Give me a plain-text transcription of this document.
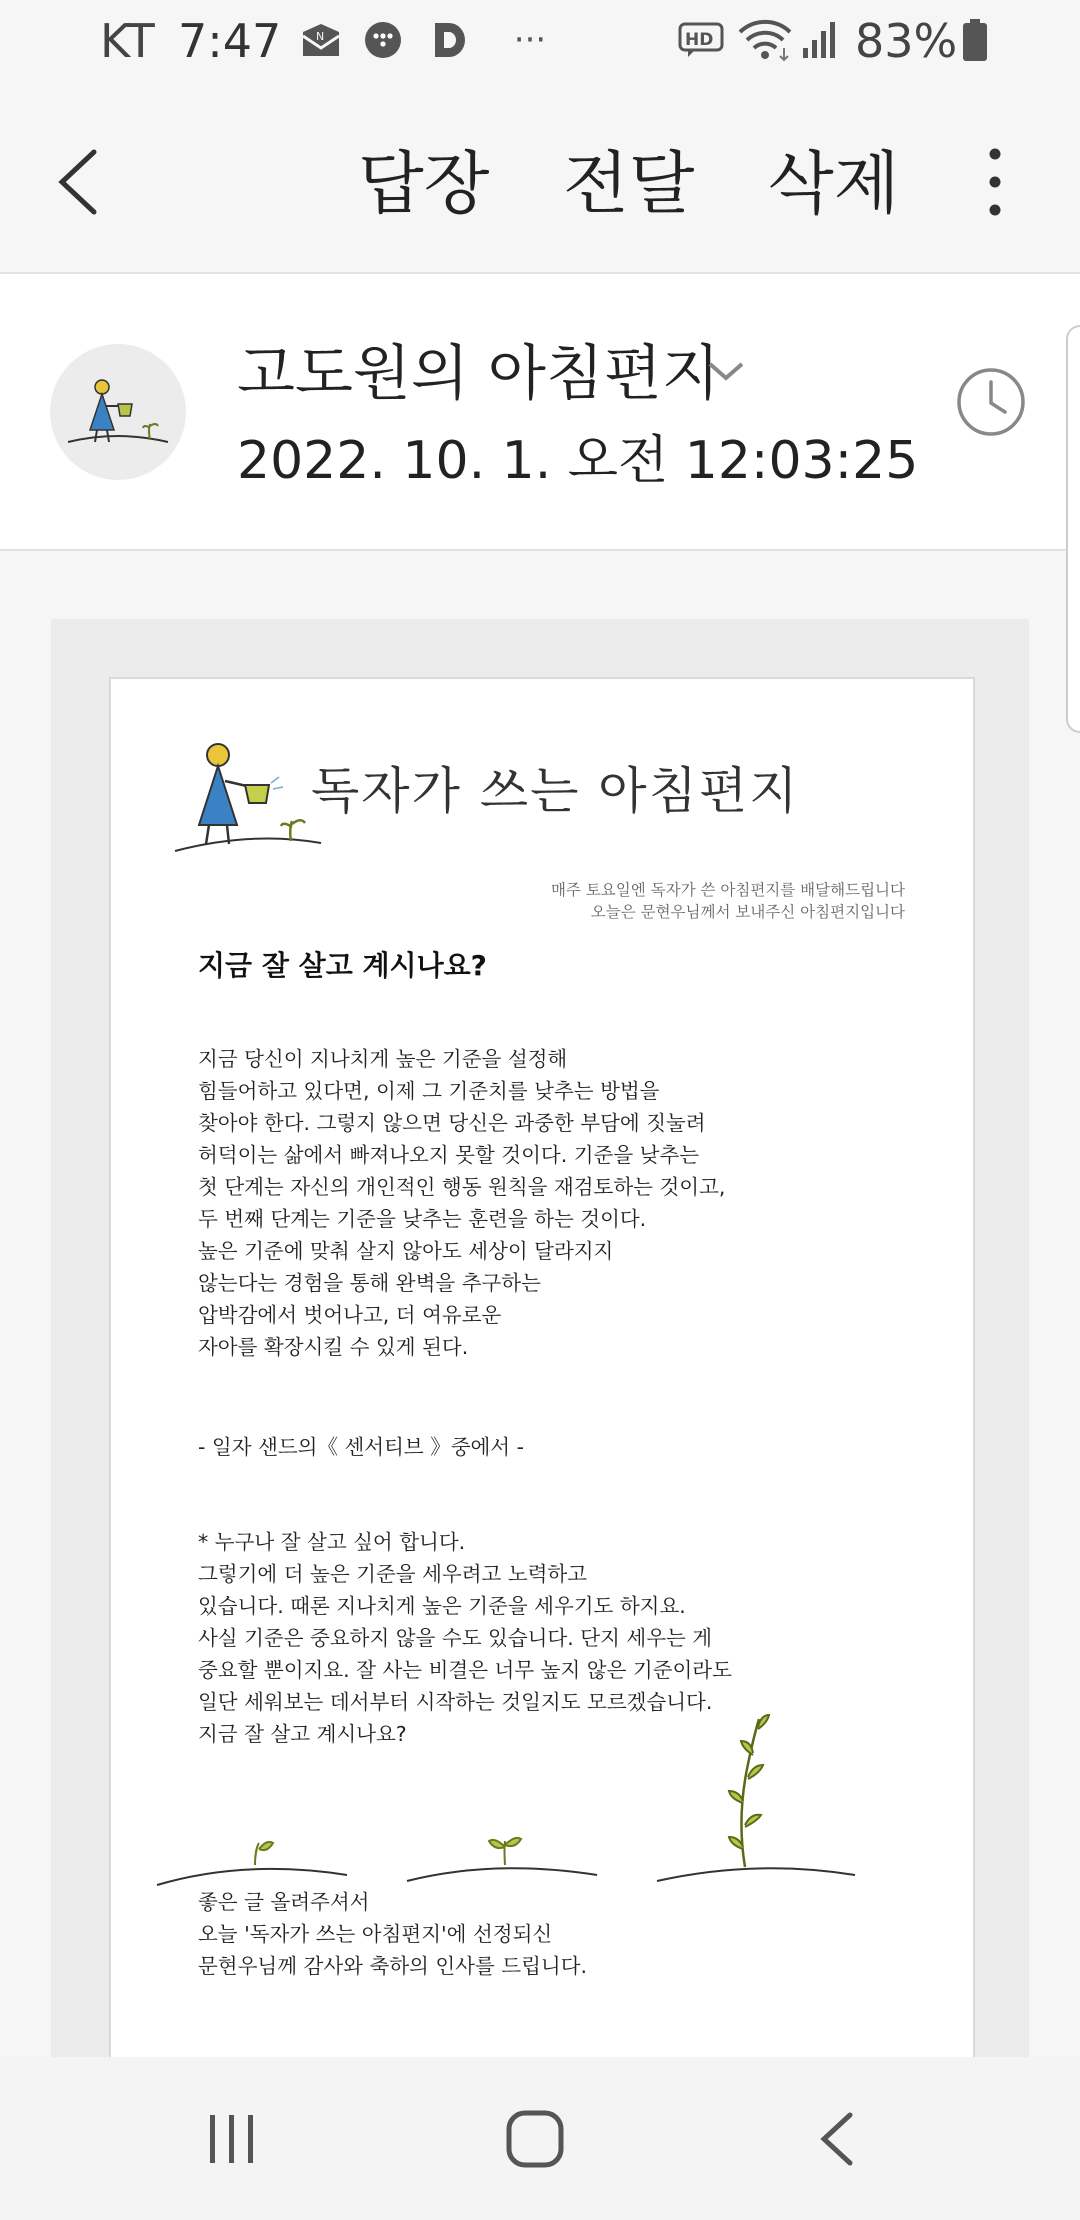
KT 7:47	N	···	HD	83%
답장 전달 삭제
고도원의 아침편지
2022. 10. 1. 오전 12:03:25
독자가 쓰는 아침편지
매주 토요일엔 독자가 쓴 아침편지를 배달해드립니다
오늘은 문현우님께서 보내주신 아침편지입니다
지금 잘 살고 계시나요?

지금 당신이 지나치게 높은 기준을 설정해
힘들어하고 있다면, 이제 그 기준치를 낮추는 방법을
찾아야 한다. 그렇지 않으면 당신은 과중한 부담에 짓눌려
허덕이는 삶에서 빠져나오지 못할 것이다. 기준을 낮추는
첫 단계는 자신의 개인적인 행동 원칙을 재검토하는 것이고,
두 번째 단계는 기준을 낮추는 훈련을 하는 것이다.
높은 기준에 맞춰 살지 않아도 세상이 달라지지
않는다는 경험을 통해 완벽을 추구하는
압박감에서 벗어나고, 더 여유로운
자아를 확장시킬 수 있게 된다.

- 일자 샌드의《 센서티브 》중에서 -

* 누구나 잘 살고 싶어 합니다.
그렇기에 더 높은 기준을 세우려고 노력하고
있습니다. 때론 지나치게 높은 기준을 세우기도 하지요.
사실 기준은 중요하지 않을 수도 있습니다. 단지 세우는 게
중요할 뿐이지요. 잘 사는 비결은 너무 높지 않은 기준이라도
일단 세워보는 데서부터 시작하는 것일지도 모르겠습니다.
지금 잘 살고 계시나요?

좋은 글 올려주셔서
오늘 '독자가 쓰는 아침편지'에 선정되신
문현우님께 감사와 축하의 인사를 드립니다.
